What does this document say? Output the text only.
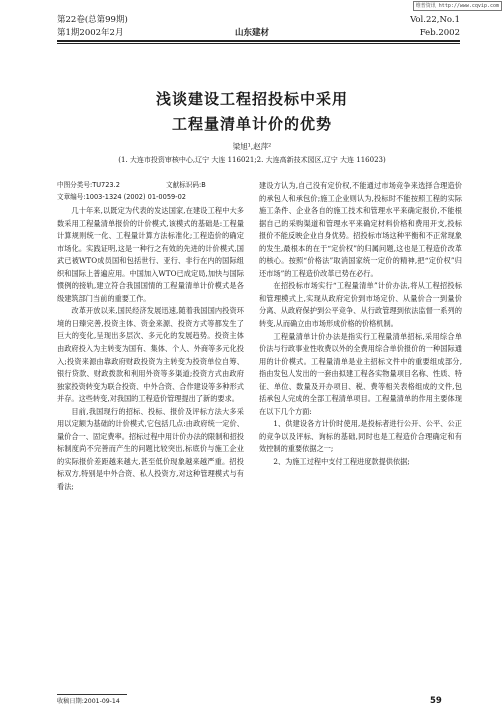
维普资讯 http://www.cqvip.com
第22卷(总第99期)
第1期2002年2月	山东建材
Vol.22,No.1
Feb.2002
浅谈建设工程招投标中采用
工程量清单计价的优势
梁旭¹,赵萍²
(1. 大连市投资审核中心,辽宁 大连 116021;2. 大连高新技术园区,辽宁 大连 116023)
中图分类号:TU723.2	文献标识码:B
文章编号:1003-1324 (2002) 01-0059-02

几十年来,以既定为代表的发达国家,在建设工程中大多数采用工程量清单报价的计价模式,该模式的基础是:工程量计算规则统一化、工程量计算方法标准化;工程造价的确定市场化。实践证明,这是一种行之有效的先进的计价模式,国武已被WTO成员国和包括世行、亚行、非行在内的国际组织和国际上普遍应用。中国加入WTO已成定局,加快与国际惯例的接轨,建立符合我国国情的工程量清单计价模式是各级建筑部门当前的重要工作。

改革开放以来,国民经济发展迅速,随着我国国内投资环境的日臻完善,投资主体、资金来源、投资方式等都发生了巨大的变化,呈现出多层次、多元化的发展趋势。投资主体由政府投入为主转变为国有、集体、个人、外商等多元化投入;投资来源由靠政府财政投资为主转变为投资单位自筹、银行贷款、财政拨款和利用外资等多渠道;投资方式由政府独家投资转变为联合投资、中外合资、合作建设等多种形式并存。这些转变,对我国的工程造价管理提出了新的要求。

目前,我国现行的招标、投标、报价及评标方法大多采用以定额为基础的计价模式,它包括几点:由政府统一定价、量价合一、固定费率。招标过程中用计价办法的限制和招投标制度尚不完善而产生的问题比较突出,标底价与施工企业的实际报价差距越来越大,甚至低价现象越来越严重。招投标双方,特别是中外合资、私人投资方,对这种管理模式与有看法;

建设方认为,自己没有定价权,不能通过市场竞争来选择合理造价的承包人和承包价;施工企业则认为,投标时不能按照工程的实际施工条件、企业各自的施工技术和管理水平来确定报价,不能根据自己的采购渠道和管理水平来确定材料价格和费用开支,投标报价不能反映企业自身优势。招投标市场这种平衡和不正常现象的发生,最根本的在于“定价权”的归属问题,这也是工程造价改革的核心。按照“价格法”取消国家统一定价的精神,把“定价权”归还市场”的工程造价改革已势在必行。

在招投标市场实行“工程量清单”计价办法,将从工程招投标和管理模式上,实现从政府定价到市场定价、从量价合一到量价分离、从政府保护到公平竞争、从行政管理到依法监督一系列的转变,从而确立由市场形成价格的价格机制。

工程量清单计价办法是指实行工程量清单招标,采用综合单价法与行政事业性收费以外的全费用综合单价报价的一种国际通用的计价模式。工程量清单是业主招标文件中的重要组成部分,指由发包人发出的一套由拟建工程各实物量项目名称、性质、特征、单位、数量及开办项目、税、费等相关表格组成的文件,包括承包人完成的全部工程清单项目。工程量清单的作用主要体现在以下几个方面:

1、供建设各方计价时使用,是投标者进行公开、公平、公正的竞争以及评标、询标的基础,同时也是工程造价合理确定和有效控制的重要依据之一;

2、为施工过程中支付工程进度款提供依据;

收稿日期:2001-09-14	59
